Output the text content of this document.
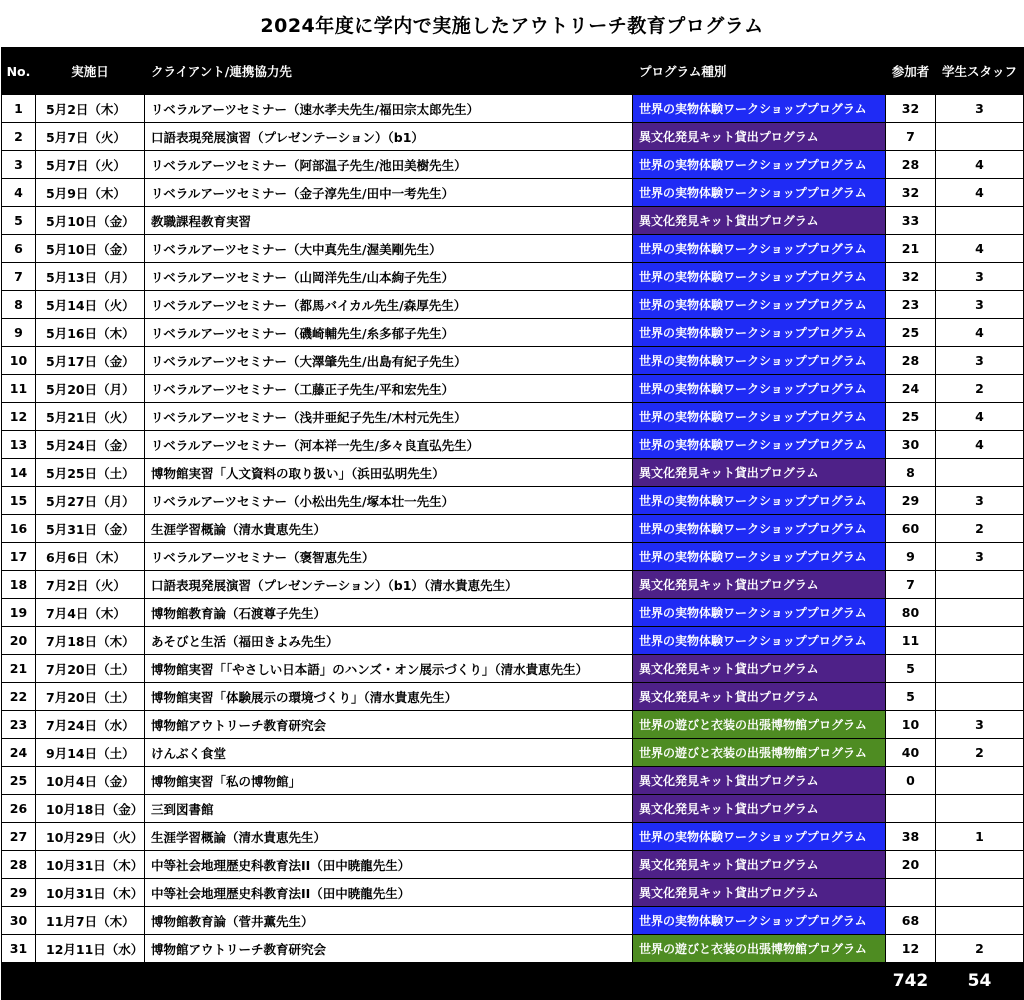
2024年度に学内で実施したアウトリーチ教育プログラム
No.	実施日	クライアント/連携協力先	プログラム種別	参加者	学生スタッフ
1	5月2日（木）	リベラルアーツセミナー（速水孝夫先生/福田宗太郎先生）	世界の実物体験ワークショッププログラム	32	3
2	5月7日（火）	口語表現発展演習（プレゼンテーション）（b1）	異文化発見キット貸出プログラム	7	
3	5月7日（火）	リベラルアーツセミナー（阿部温子先生/池田美樹先生）	世界の実物体験ワークショッププログラム	28	4
4	5月9日（木）	リベラルアーツセミナー（金子淳先生/田中一考先生）	世界の実物体験ワークショッププログラム	32	4
5	5月10日（金）	教職課程教育実習	異文化発見キット貸出プログラム	33	
6	5月10日（金）	リベラルアーツセミナー（大中真先生/渥美剛先生）	世界の実物体験ワークショッププログラム	21	4
7	5月13日（月）	リベラルアーツセミナー（山岡洋先生/山本絢子先生）	世界の実物体験ワークショッププログラム	32	3
8	5月14日（火）	リベラルアーツセミナー（都馬バイカル先生/森厚先生）	世界の実物体験ワークショッププログラム	23	3
9	5月16日（木）	リベラルアーツセミナー（磯崎輔先生/糸多郁子先生）	世界の実物体験ワークショッププログラム	25	4
10	5月17日（金）	リベラルアーツセミナー（大澤肇先生/出島有紀子先生）	世界の実物体験ワークショッププログラム	28	3
11	5月20日（月）	リベラルアーツセミナー（工藤正子先生/平和宏先生）	世界の実物体験ワークショッププログラム	24	2
12	5月21日（火）	リベラルアーツセミナー（浅井亜紀子先生/木村元先生）	世界の実物体験ワークショッププログラム	25	4
13	5月24日（金）	リベラルアーツセミナー（河本祥一先生/多々良直弘先生）	世界の実物体験ワークショッププログラム	30	4
14	5月25日（土）	博物館実習「人文資料の取り扱い」（浜田弘明先生）	異文化発見キット貸出プログラム	8	
15	5月27日（月）	リベラルアーツセミナー（小松出先生/塚本壮一先生）	世界の実物体験ワークショッププログラム	29	3
16	5月31日（金）	生涯学習概論（清水貴恵先生）	世界の実物体験ワークショッププログラム	60	2
17	6月6日（木）	リベラルアーツセミナー（褒智恵先生）	世界の実物体験ワークショッププログラム	9	3
18	7月2日（火）	口語表現発展演習（プレゼンテーション）（b1）（清水貴恵先生）	異文化発見キット貸出プログラム	7	
19	7月4日（木）	博物館教育論（石渡尊子先生）	世界の実物体験ワークショッププログラム	80	
20	7月18日（木）	あそびと生活（福田きよみ先生）	世界の実物体験ワークショッププログラム	11	
21	7月20日（土）	博物館実習「「やさしい日本語」のハンズ・オン展示づくり」（清水貴恵先生）	異文化発見キット貸出プログラム	5	
22	7月20日（土）	博物館実習「体験展示の環境づくり」（清水貴恵先生）	異文化発見キット貸出プログラム	5	
23	7月24日（水）	博物館アウトリーチ教育研究会	世界の遊びと衣装の出張博物館プログラム	10	3
24	9月14日（土）	けんぶく食堂	世界の遊びと衣装の出張博物館プログラム	40	2
25	10月4日（金）	博物館実習「私の博物館」	異文化発見キット貸出プログラム	0	
26	10月18日（金）	三到図書館	異文化発見キット貸出プログラム		
27	10月29日（火）	生涯学習概論（清水貴恵先生）	世界の実物体験ワークショッププログラム	38	1
28	10月31日（木）	中等社会地理歴史科教育法II（田中暁龍先生）	異文化発見キット貸出プログラム	20	
29	10月31日（木）	中等社会地理歴史科教育法II（田中暁龍先生）	異文化発見キット貸出プログラム		
30	11月7日（木）	博物館教育論（菅井薫先生）	世界の実物体験ワークショッププログラム	68	
31	12月11日（水）	博物館アウトリーチ教育研究会	世界の遊びと衣装の出張博物館プログラム	12	2
				742	54
